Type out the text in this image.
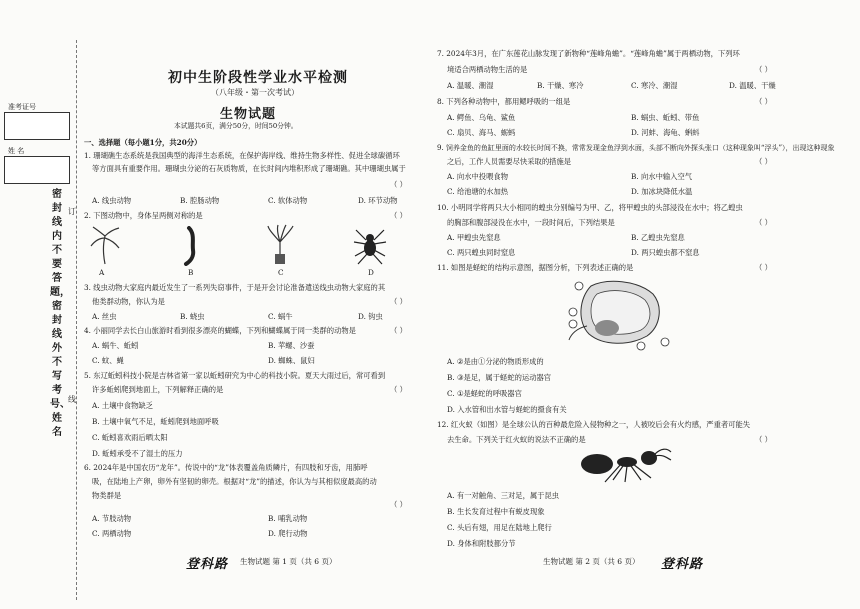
准考证号
姓 名
密封线内不要答题，密封线外不写考号、姓名
订
线
初中生阶段性学业水平检测
（八年级・第一次考试）
生物试题
本试题共6页，满分50分，时间50分钟。
一、选择题（每小题1分，共20分）
1. 珊瑚礁生态系统是我国典型的海洋生态系统，在保护海岸线、维持生物多样性、促进全球碳循环
等方面具有重要作用。珊瑚虫分泌的石灰质物质，在长时间内堆积形成了珊瑚礁。其中珊瑚虫属于
（ ）
A. 线虫动物	B. 腔肠动物	C. 软体动物	D. 环节动物
2. 下图动物中，身体呈两侧对称的是	（ ）
A	B	C	D
3. 线虫动物大家庭内最近发生了一系列失窃事件，于是开会讨论准备遣送线虫动物大家庭的其
他类群动物，你认为是	（ ）
A. 丝虫	B. 蛲虫	C. 蜗牛	D. 钩虫
4. 小丽同学去长白山旅游时看到很多漂亮的蝴蝶，下列和蝴蝶属于同一类群的动物是	（ ）
A. 蜗牛、蚯蚓	B. 苹螺、沙蚕
C. 蚊、蝇	D. 蜘蛛、鼠妇
5. 东辽蚯蚓科技小院是吉林省第一家以蚯蚓研究为中心的科技小院。夏天大雨过后，常可看到
许多蚯蚓爬到地面上，下列解释正确的是	（ ）
A. 土壤中食物缺乏
B. 土壤中氧气不足，蚯蚓爬到地面呼吸
C. 蚯蚓喜欢雨后晒太阳
D. 蚯蚓承受不了湿土的压力
6. 2024年是中国农历“龙年”。传说中的“龙”体表覆盖角质鳞片，有四肢和牙齿，用肺呼
吸，在陆地上产卵，卵外有坚韧的卵壳。根据对“龙”的描述，你认为与其相似度最高的动
物类群是
（ ）
A. 节肢动物	B. 哺乳动物
C. 两栖动物	D. 爬行动物
登科路 生物试题 第 1 页（共 6 页）
7. 2024年3月，在广东莲花山脉发现了新物种“莲峰角蟾”。“莲峰角蟾”属于两栖动物，下列环
境适合两栖动物生活的是	（ ）
A. 温暖、潮湿	B. 干燥、寒冷	C. 寒冷、潮湿	D. 温暖、干燥
8. 下列各种动物中，都用鳃呼吸的一组是	（ ）
A. 鳄鱼、乌龟、鲨鱼	B. 蜗虫、蚯蚓、带鱼
C. 扇贝、海马、蛎蚂	D. 河蚌、海龟、蝌蚪
9. 饲养金鱼的鱼缸里面的水较长时间不换，常常发现金鱼浮到水面，头部不断向外探头张口（这种现象叫“浮头”），出现这种现象
之后，工作人员需要尽快采取的措施是	（ ）
A. 向水中投喂食物	B. 向水中输入空气
C. 给池塘的水加热	D. 加冰块降低水温
10. 小明同学将两只大小相同的蝗虫分别编号为甲、乙，将甲蝗虫的头部浸没在水中；将乙蝗虫
的胸部和腹部浸没在水中，一段时间后，下列结果是	（ ）
A. 甲蝗虫先窒息	B. 乙蝗虫先窒息
C. 两只蝗虫同时窒息	D. 两只蝗虫都不窒息
11. 如图是蛏蛇的结构示意图，据图分析，下列表述正确的是	（ ）
A. ②是由①分泌的物质形成的
B. ③是足，属于蛏蛇的运动器官
C. ①是蛏蛇的呼吸器官
D. 入水管和出水管与蛏蛇的摄食有关
12. 红火蚁（如图）是全球公认的百种最危险入侵物种之一，人被咬后会有火灼感，严重者可能失
去生命。下列关于红火蚁的说法不正确的是	（ ）
A. 有一对触角、三对足，属于昆虫
B. 生长发育过程中有蜕皮现象
C. 头后有翅，用足在陆地上爬行
D. 身体和附肢都分节
生物试题 第 2 页（共 6 页） 登科路
